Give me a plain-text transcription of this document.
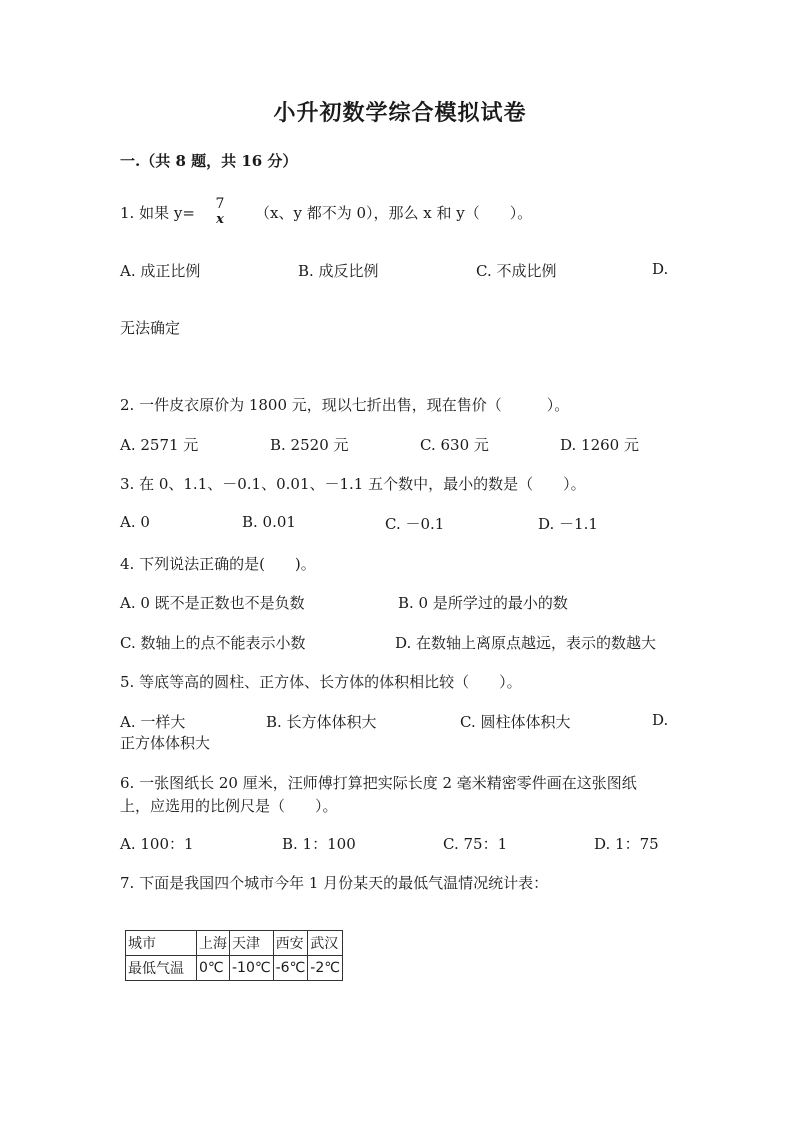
小升初数学综合模拟试卷
一.（共 8 题，共 16 分）
1. 如果 y=	7
x	（x、y 都不为 0），那么 x 和 y（　　）。
A. 成正比例	B. 成反比例	C. 不成比例	D.
无法确定
2. 一件皮衣原价为 1800 元，现以七折出售，现在售价（　　　）。
A. 2571 元	B. 2520 元	C. 630 元	D. 1260 元
3. 在 0、1.1、－0.1、0.01、－1.1 五个数中，最小的数是（　　）。
A. 0	B. 0.01	C. －0.1	D. －1.1
4. 下列说法正确的是(　　)。
A. 0 既不是正数也不是负数	B. 0 是所学过的最小的数
C. 数轴上的点不能表示小数	D. 在数轴上离原点越远，表示的数越大
5. 等底等高的圆柱、正方体、长方体的体积相比较（　　）。
A. 一样大	B. 长方体体积大	C. 圆柱体体积大	D.
正方体体积大
6. 一张图纸长 20 厘米，汪师傅打算把实际长度 2 毫米精密零件画在这张图纸
上，应选用的比例尺是（　　）。
A. 100：1	B. 1：100	C. 75：1	D. 1：75
7. 下面是我国四个城市今年 1 月份某天的最低气温情况统计表：
城市	上海	天津	西安	武汉
最低气温	0℃	-10℃	-6℃	-2℃
